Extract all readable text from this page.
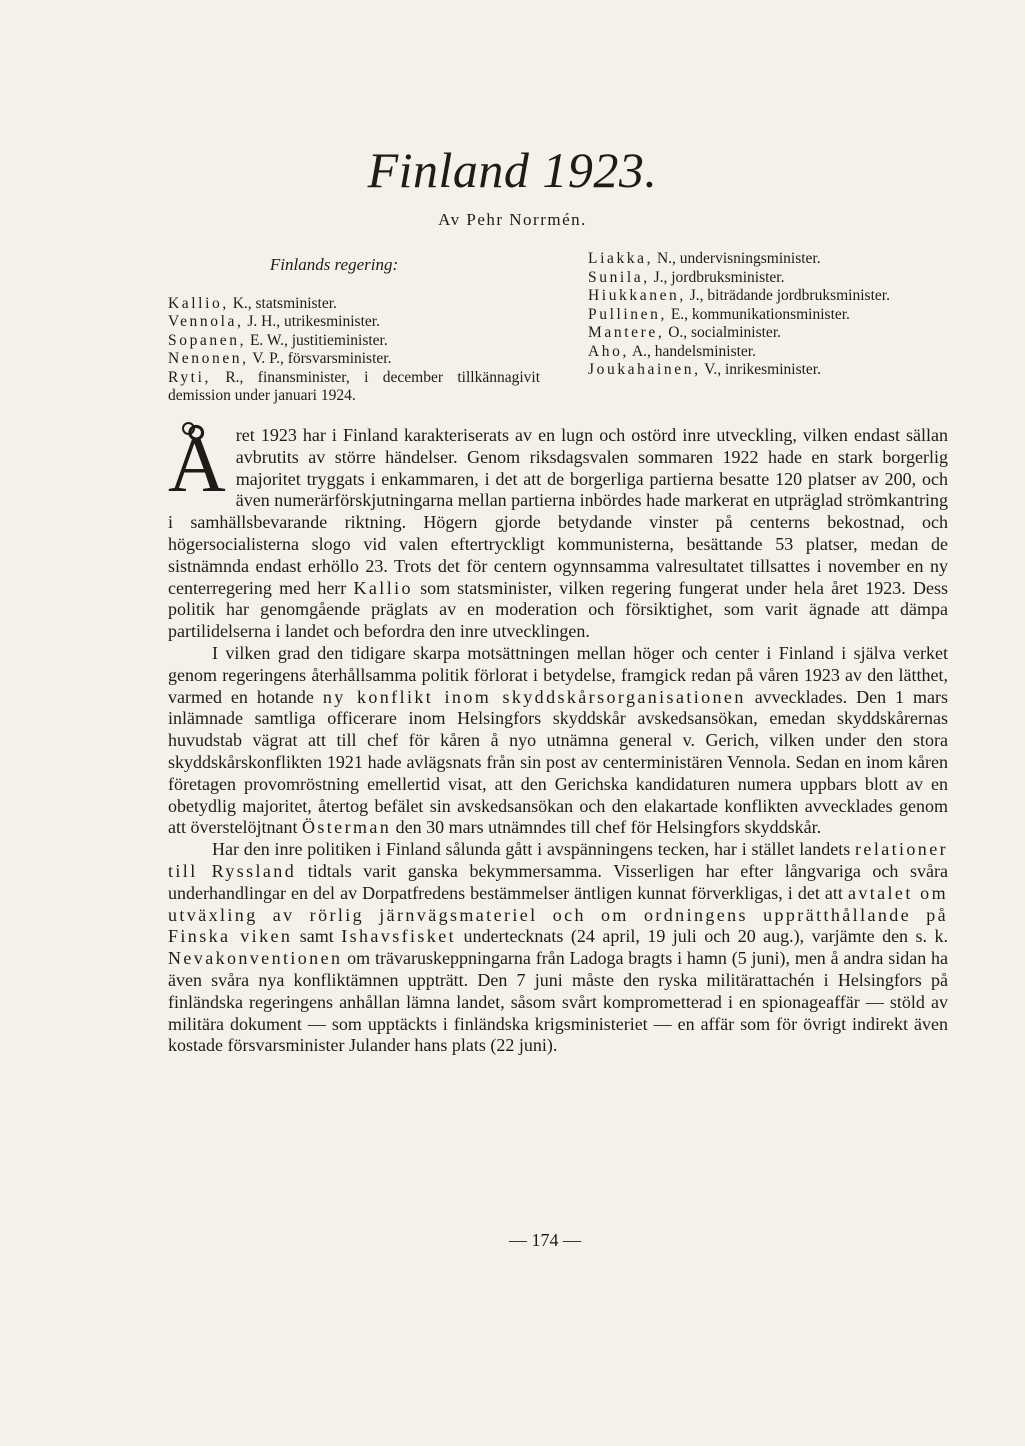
Finland 1923.
Av Pehr Norrmén.
Finlands regering:
Kallio, K., statsminister.
Vennola, J. H., utrikesminister.
Sopanen, E. W., justitieminister.
Nenonen, V. P., försvarsminister.
Ryti, R., finansminister, i december tillkännagivit demission under januari 1924.
Liakka, N., undervisningsminister.
Sunila, J., jordbruksminister.
Hiukkanen, J., biträdande jordbruksminister.
Pullinen, E., kommunikationsminister.
Mantere, O., socialminister.
Aho, A., handelsminister.
Joukahainen, V., inrikesminister.

Året 1923 har i Finland karakteriserats av en lugn och ostörd inre utveckling, vilken endast sällan avbrutits av större händelser. Genom riksdagsvalen sommaren 1922 hade en stark borgerlig majoritet tryggats i enkammaren, i det att de borgerliga partierna besatte 120 platser av 200, och även numerärförskjutningarna mellan partierna inbördes hade markerat en utpräglad strömkantring i samhällsbevarande riktning. Högern gjorde betydande vinster på centerns bekostnad, och högersocialisterna slogo vid valen eftertryckligt kommunisterna, besättande 53 platser, medan de sistnämnda endast erhöllo 23. Trots det för centern ogynnsamma valresultatet tillsattes i november en ny centerregering med herr Kallio som statsminister, vilken regering fungerat under hela året 1923. Dess politik har genomgående präglats av en moderation och försiktighet, som varit ägnade att dämpa partilidelserna i landet och befordra den inre utvecklingen.

I vilken grad den tidigare skarpa motsättningen mellan höger och center i Finland i själva verket genom regeringens återhållsamma politik förlorat i betydelse, framgick redan på våren 1923 av den lätthet, varmed en hotande ny konflikt inom skyddskårsorganisationen avvecklades. Den 1 mars inlämnade samtliga officerare inom Helsingfors skyddskår avskedsansökan, emedan skyddskårernas huvudstab vägrat att till chef för kåren å nyo utnämna general v. Gerich, vilken under den stora skyddskårskonflikten 1921 hade avlägsnats från sin post av centerministären Vennola. Sedan en inom kåren företagen provomröstning emellertid visat, att den Gerichska kandidaturen numera uppbars blott av en obetydlig majoritet, återtog befälet sin avskedsansökan och den elakartade konflikten avvecklades genom att överstelöjtnant Österman den 30 mars utnämndes till chef för Helsingfors skyddskår.

Har den inre politiken i Finland sålunda gått i avspänningens tecken, har i stället landets relationer till Ryssland tidtals varit ganska bekymmersamma. Visserligen har efter långvariga och svåra underhandlingar en del av Dorpatfredens bestämmelser äntligen kunnat förverkligas, i det att avtalet om utväxling av rörlig järnvägsmateriel och om ordningens upprätthållande på Finska viken samt Ishavsfisket undertecknats (24 april, 19 juli och 20 aug.), varjämte den s. k. Nevakonventionen om trävaruskeppningarna från Ladoga bragts i hamn (5 juni), men å andra sidan ha även svåra nya konfliktämnen uppträtt. Den 7 juni måste den ryska militärattachén i Helsingfors på finländska regeringens anhållan lämna landet, såsom svårt komprometterad i en spionageaffär — stöld av militära dokument — som upptäckts i finländska krigsministeriet — en affär som för övrigt indirekt även kostade försvarsminister Julander hans plats (22 juni).

— 174 —
